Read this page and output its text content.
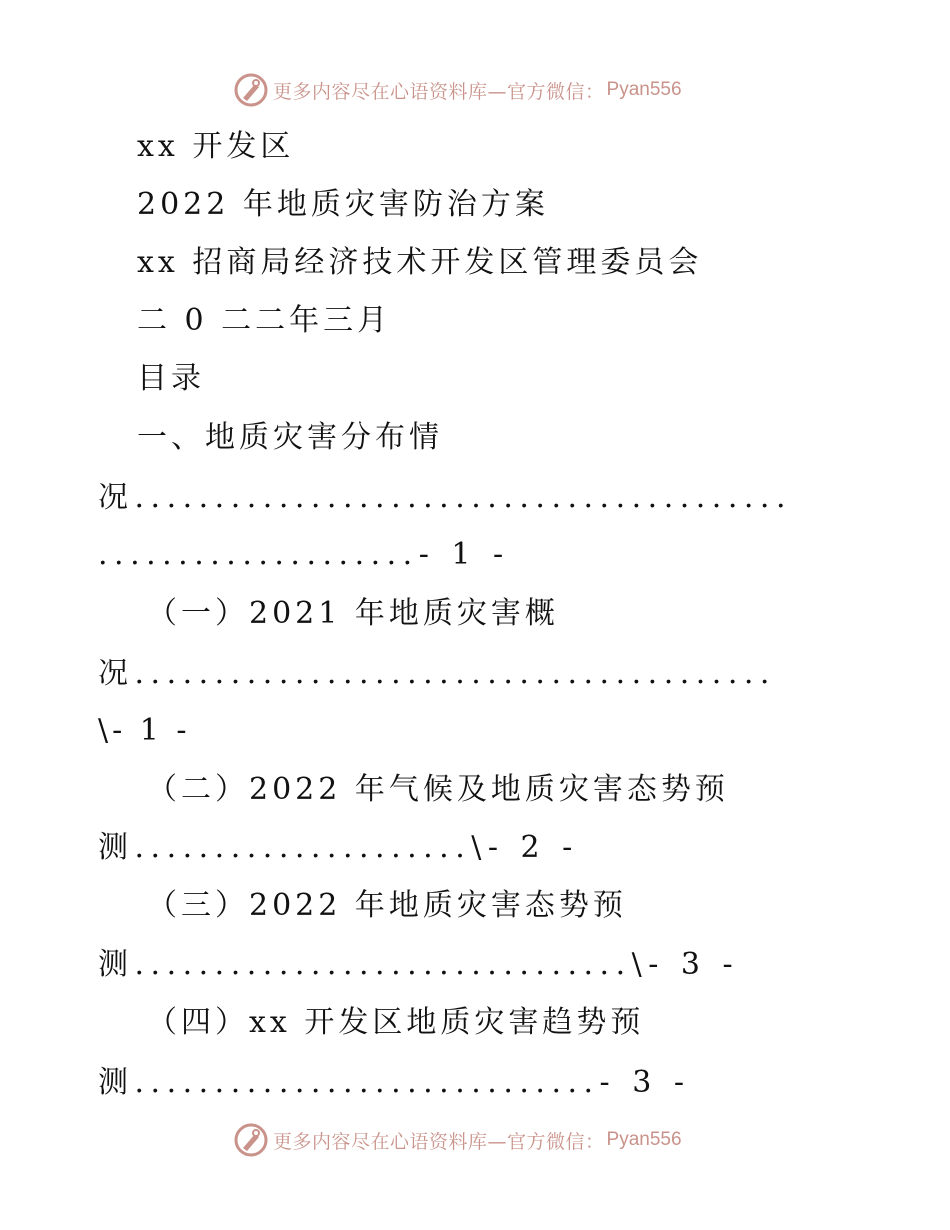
更多内容尽在心语资料库—官方微信： Pyan556
xx 开发区
2022 年地质灾害防治方案
xx 招商局经济技术开发区管理委员会
二 0 二二年三月
目录
一、地质灾害分布情
况.........................................
....................- 1 -
（一）2021 年地质灾害概
况........................................
\- 1 -
（二）2022 年气候及地质灾害态势预
测.....................\- 2 -
（三）2022 年地质灾害态势预
测...............................\- 3 -
（四）xx 开发区地质灾害趋势预
测.............................- 3 -
更多内容尽在心语资料库—官方微信： Pyan556
